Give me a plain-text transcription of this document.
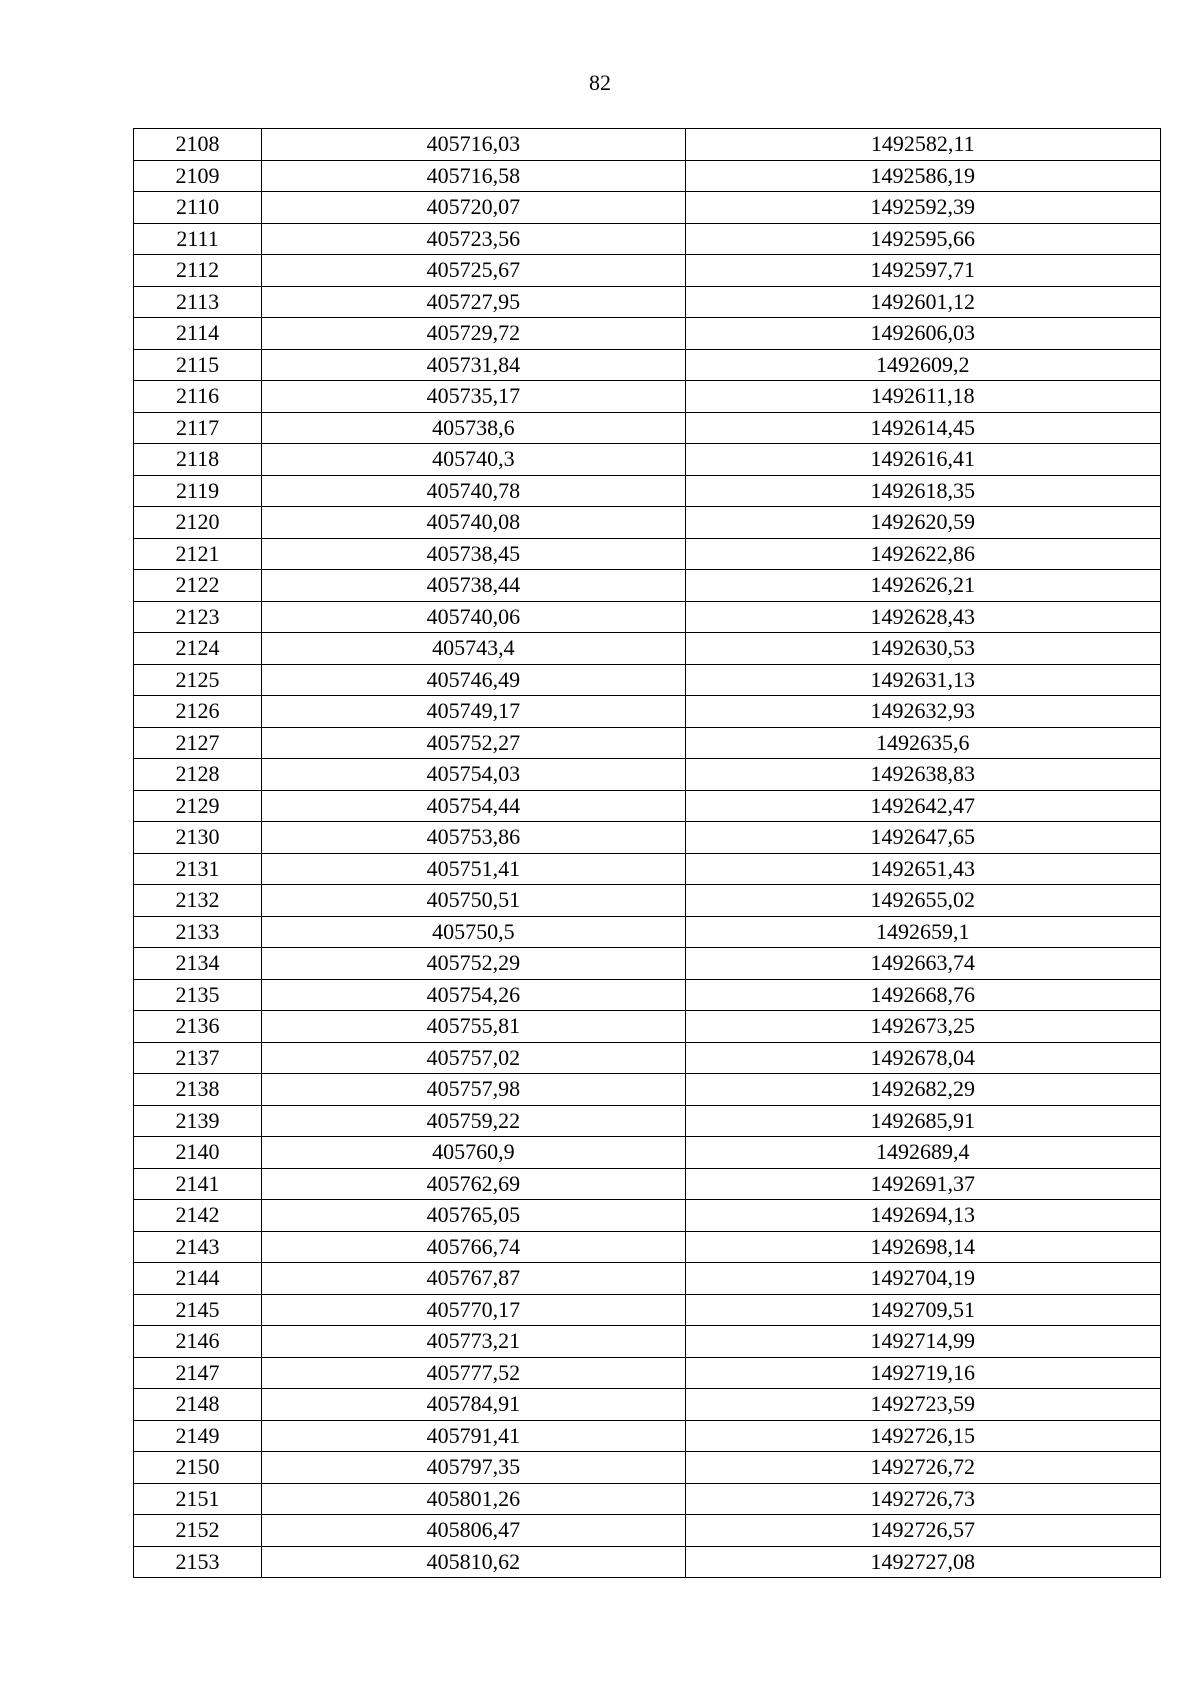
82
2108	405716,03	1492582,11
2109	405716,58	1492586,19
2110	405720,07	1492592,39
2111	405723,56	1492595,66
2112	405725,67	1492597,71
2113	405727,95	1492601,12
2114	405729,72	1492606,03
2115	405731,84	1492609,2
2116	405735,17	1492611,18
2117	405738,6	1492614,45
2118	405740,3	1492616,41
2119	405740,78	1492618,35
2120	405740,08	1492620,59
2121	405738,45	1492622,86
2122	405738,44	1492626,21
2123	405740,06	1492628,43
2124	405743,4	1492630,53
2125	405746,49	1492631,13
2126	405749,17	1492632,93
2127	405752,27	1492635,6
2128	405754,03	1492638,83
2129	405754,44	1492642,47
2130	405753,86	1492647,65
2131	405751,41	1492651,43
2132	405750,51	1492655,02
2133	405750,5	1492659,1
2134	405752,29	1492663,74
2135	405754,26	1492668,76
2136	405755,81	1492673,25
2137	405757,02	1492678,04
2138	405757,98	1492682,29
2139	405759,22	1492685,91
2140	405760,9	1492689,4
2141	405762,69	1492691,37
2142	405765,05	1492694,13
2143	405766,74	1492698,14
2144	405767,87	1492704,19
2145	405770,17	1492709,51
2146	405773,21	1492714,99
2147	405777,52	1492719,16
2148	405784,91	1492723,59
2149	405791,41	1492726,15
2150	405797,35	1492726,72
2151	405801,26	1492726,73
2152	405806,47	1492726,57
2153	405810,62	1492727,08
